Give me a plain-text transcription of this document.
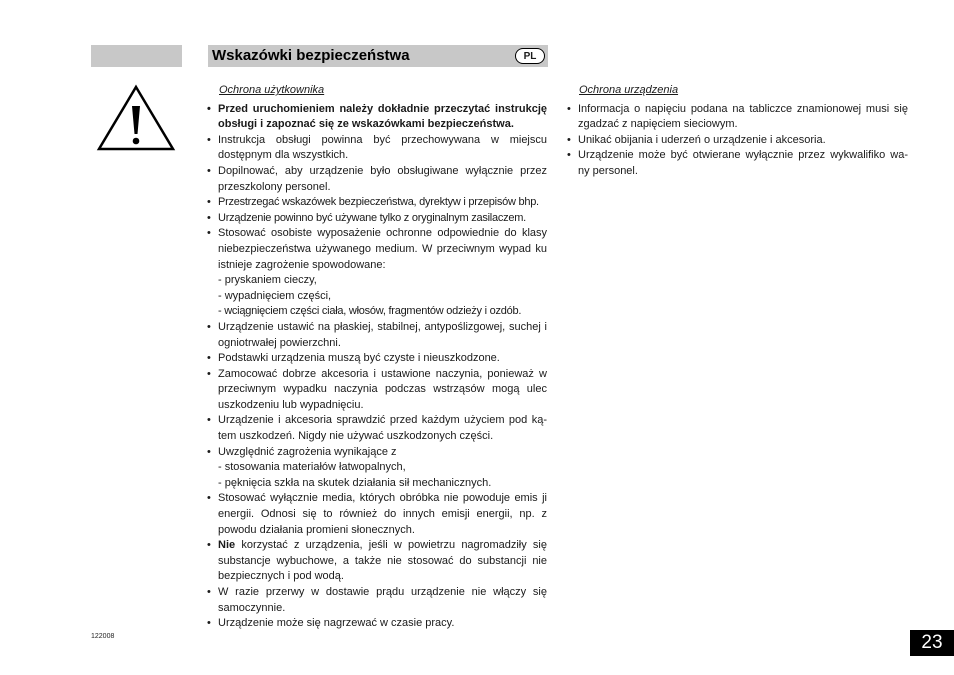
Wskazówki bezpieczeństwa	PL
Ochrona użytkownika
• Przed uruchomieniem należy dokładnie przeczytać instrukcję obsługi i zapoznać się ze wskazówkami bezpieczeństwa.
• Instrukcja obsługi powinna być przechowywana w miejscu dostępnym dla wszystkich.
• Dopilnować, aby urządzenie było obsługiwane wyłącznie przez przeszkolony personel.
• Przestrzegać wskazówek bezpieczeństwa, dyrektyw i przepisów bhp.
• Urządzenie powinno być używane tylko z oryginalnym zasilaczem.
• Stosować osobiste wyposażenie ochronne odpowiednie do klasy niebezpieczeństwa używanego medium. W przeciwnym wypad ku istnieje zagrożenie spowodowane:
- pryskaniem cieczy,
- wypadnięciem części,
- wciągnięciem części ciała, włosów, fragmentów odzieży i ozdób.
• Urządzenie ustawić na płaskiej, stabilnej, antypoślizgowej, suchej i ogniotrwałej powierzchni.
• Podstawki urządzenia muszą być czyste i nieuszkodzone.
• Zamocować dobrze akcesoria i ustawione naczynia, ponieważ w przeciwnym wypadku naczynia podczas wstrząsów mogą ulec uszkodzeniu lub wypadnięciu.
• Urządzenie i akcesoria sprawdzić przed każdym użyciem pod ką- tem uszkodzeń. Nigdy nie używać uszkodzonych części.
• Uwzględnić zagrożenia wynikające z
- stosowania materiałów łatwopalnych,
- pęknięcia szkła na skutek działania sił mechanicznych.
• Stosować wyłącznie media, których obróbka nie powoduje emis ji energii. Odnosi się to również do innych emisji energii, np. z powodu działania promieni słonecznych.
• Nie korzystać z urządzenia, jeśli w powietrzu nagromadziły się substancje wybuchowe, a także nie stosować do substancji nie bezpiecznych i pod wodą.
• W razie przerwy w dostawie prądu urządzenie nie włączy się samoczynnie.
• Urządzenie może się nagrzewać w czasie pracy.
Ochrona urządzenia
• Informacja o napięciu podana na tabliczce znamionowej musi się zgadzać z napięciem sieciowym.
• Unikać obijania i uderzeń o urządzenie i akcesoria.
• Urządzenie może być otwierane wyłącznie przez wykwalifiko wa- ny personel.
122008	23
